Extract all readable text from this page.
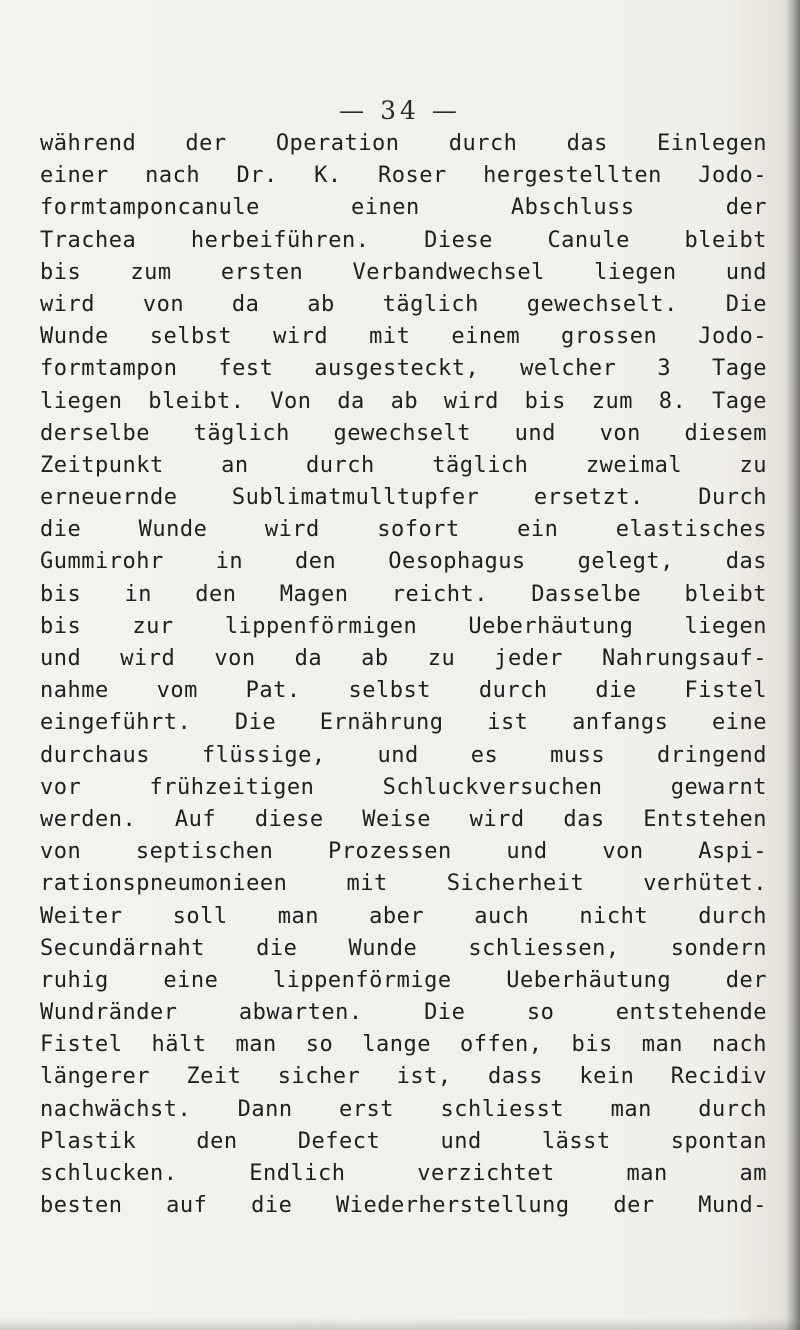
— 34 —
während der Operation durch das Einlegen
einer nach Dr. K. Roser hergestellten Jodo-
formtamponcanule einen Abschluss der
Trachea herbeiführen. Diese Canule bleibt
bis zum ersten Verbandwechsel liegen und
wird von da ab täglich gewechselt. Die
Wunde selbst wird mit einem grossen Jodo-
formtampon fest ausgesteckt, welcher 3 Tage
liegen bleibt. Von da ab wird bis zum 8. Tage
derselbe täglich gewechselt und von diesem
Zeitpunkt an durch täglich zweimal zu
erneuernde Sublimatmulltupfer ersetzt. Durch
die Wunde wird sofort ein elastisches
Gummirohr in den Oesophagus gelegt, das
bis in den Magen reicht. Dasselbe bleibt
bis zur lippenförmigen Ueberhäutung liegen
und wird von da ab zu jeder Nahrungsauf-
nahme vom Pat. selbst durch die Fistel
eingeführt. Die Ernährung ist anfangs eine
durchaus flüssige, und es muss dringend
vor frühzeitigen Schluckversuchen gewarnt
werden. Auf diese Weise wird das Entstehen
von septischen Prozessen und von Aspi-
rationspneumonieen mit Sicherheit verhütet.
Weiter soll man aber auch nicht durch
Secundärnaht die Wunde schliessen, sondern
ruhig eine lippenförmige Ueberhäutung der
Wundränder abwarten. Die so entstehende
Fistel hält man so lange offen, bis man nach
längerer Zeit sicher ist, dass kein Recidiv
nachwächst. Dann erst schliesst man durch
Plastik den Defect und lässt spontan
schlucken. Endlich verzichtet man am
besten auf die Wiederherstellung der Mund-
